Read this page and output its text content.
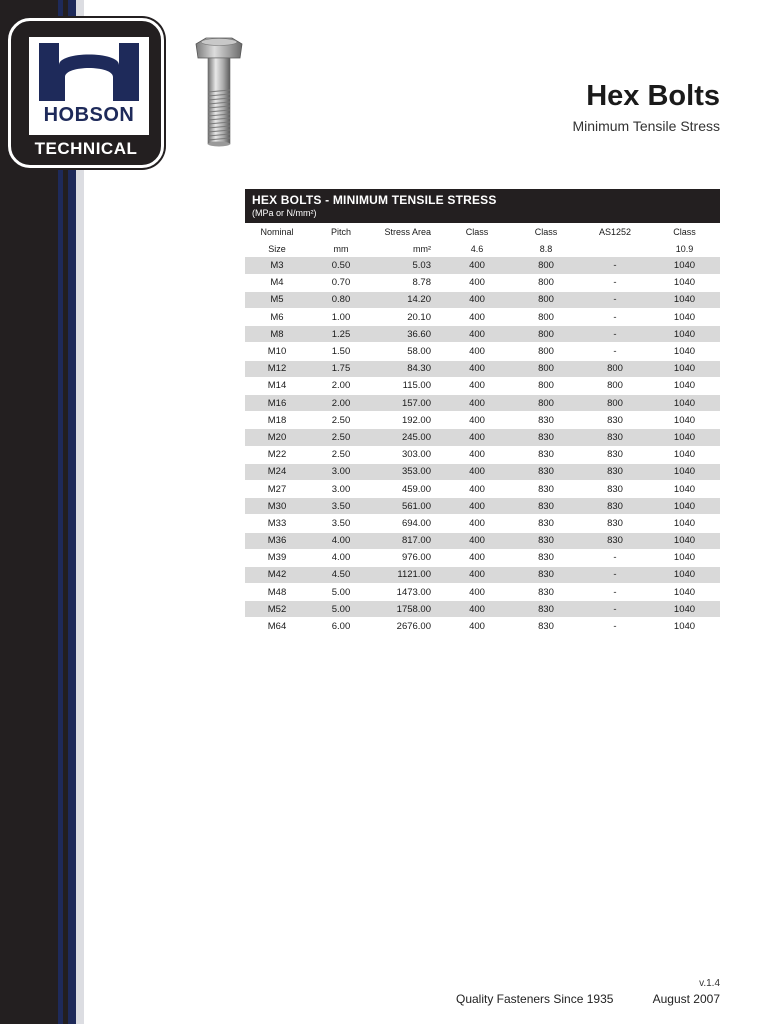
HOBSON
TECHNICAL
Hex Bolts
Minimum Tensile Stress
HEX BOLTS - MINIMUM TENSILE STRESS
(MPa or N/mm²)
Nominal	Pitch	Stress Area	Class	Class	AS1252	Class
Size	mm	mm²	4.6	8.8		10.9
M3	0.50	5.03	400	800	-	1040
M4	0.70	8.78	400	800	-	1040
M5	0.80	14.20	400	800	-	1040
M6	1.00	20.10	400	800	-	1040
M8	1.25	36.60	400	800	-	1040
M10	1.50	58.00	400	800	-	1040
M12	1.75	84.30	400	800	800	1040
M14	2.00	115.00	400	800	800	1040
M16	2.00	157.00	400	800	800	1040
M18	2.50	192.00	400	830	830	1040
M20	2.50	245.00	400	830	830	1040
M22	2.50	303.00	400	830	830	1040
M24	3.00	353.00	400	830	830	1040
M27	3.00	459.00	400	830	830	1040
M30	3.50	561.00	400	830	830	1040
M33	3.50	694.00	400	830	830	1040
M36	4.00	817.00	400	830	830	1040
M39	4.00	976.00	400	830	-	1040
M42	4.50	1121.00	400	830	-	1040
M48	5.00	1473.00	400	830	-	1040
M52	5.00	1758.00	400	830	-	1040
M64	6.00	2676.00	400	830	-	1040
v.1.4
Quality Fasteners Since 1935	August 2007
